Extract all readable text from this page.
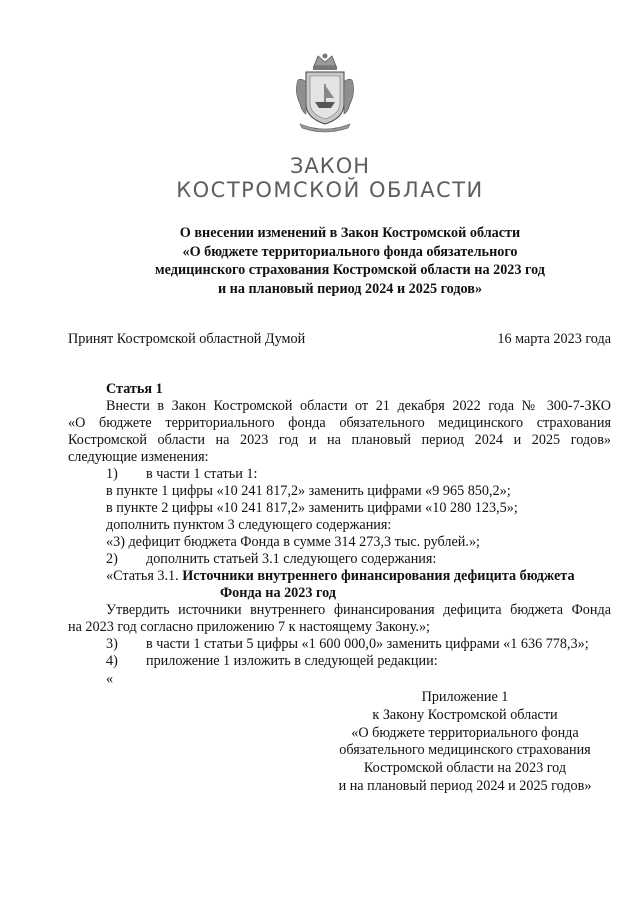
ЗАКОН
КОСТРОМСКОЙ ОБЛАСТИ
О внесении изменений в Закон Костромской области
«О бюджете территориального фонда обязательного
медицинского страхования Костромской области на 2023 год
и на плановый период 2024 и 2025 годов»
Принят Костромской областной Думой	16 марта 2023 года
Статья 1
Внести в Закон Костромской области от 21 декабря 2022 года № 300-7-ЗКО
«О бюджете территориального фонда обязательного медицинского страхования
Костромской области на 2023 год и на плановый период 2024 и 2025 годов»
следующие изменения:
1) в части 1 статьи 1:
в пункте 1 цифры «10 241 817,2» заменить цифрами «9 965 850,2»;
в пункте 2 цифры «10 241 817,2» заменить цифрами «10 280 123,5»;
дополнить пунктом 3 следующего содержания:
«3) дефицит бюджета Фонда в сумме 314 273,3 тыс. рублей.»;
2) дополнить статьей 3.1 следующего содержания:
«Статья 3.1. Источники внутреннего финансирования дефицита бюджета
Фонда на 2023 год
Утвердить источники внутреннего финансирования дефицита бюджета Фонда
на 2023 год согласно приложению 7 к настоящему Закону.»;
3) в части 1 статьи 5 цифры «1 600 000,0» заменить цифрами «1 636 778,3»;
4) приложение 1 изложить в следующей редакции:
«
Приложение 1
к Закону Костромской области
«О бюджете территориального фонда
обязательного медицинского страхования
Костромской области на 2023 год
и на плановый период 2024 и 2025 годов»
